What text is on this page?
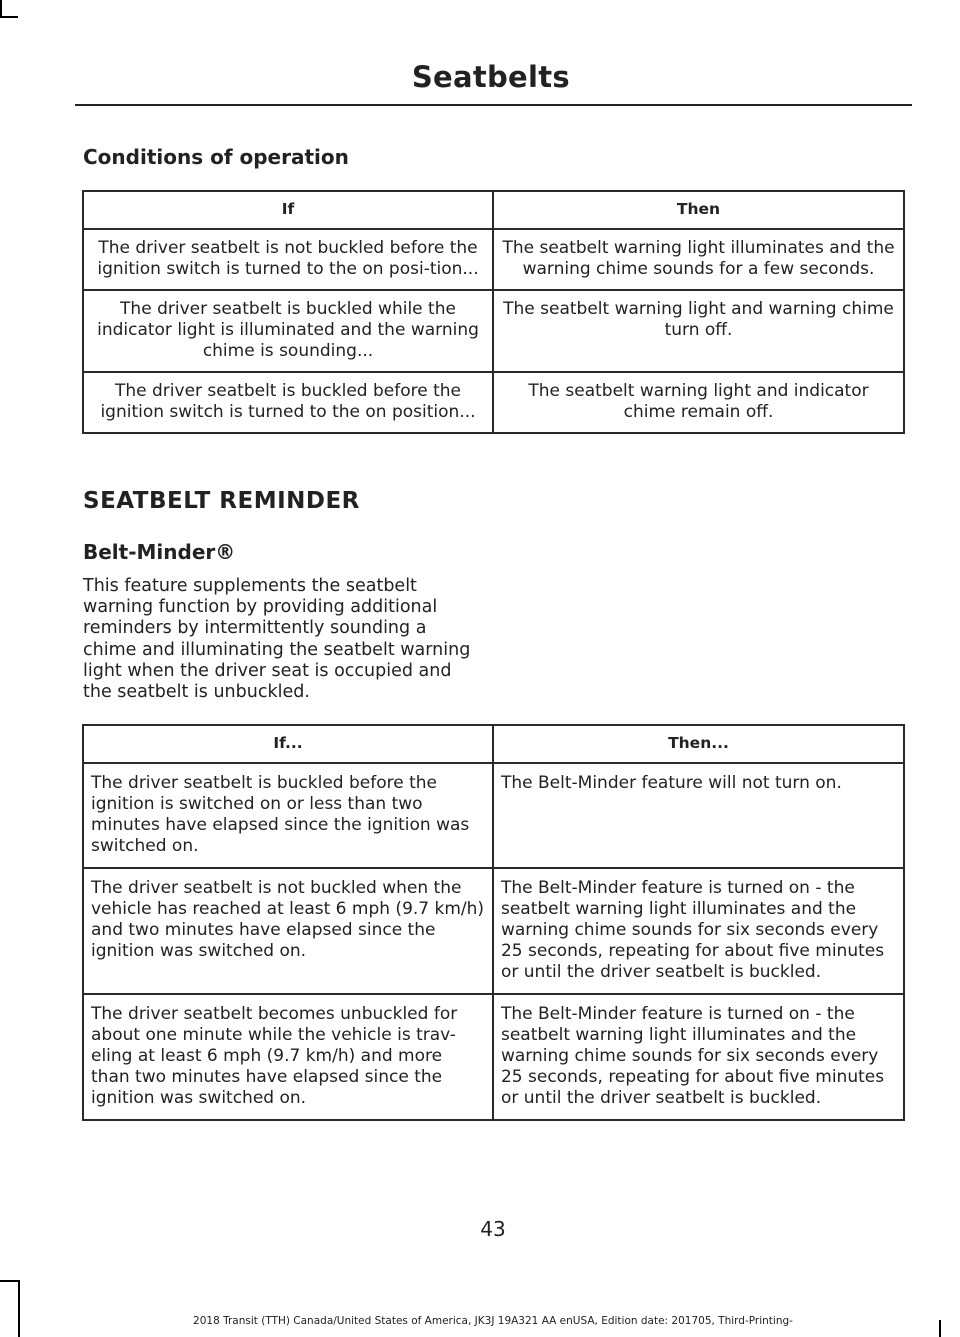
Seatbelts
Conditions of operation
If	Then
The driver seatbelt is not buckled before the ignition switch is turned to the on posi-tion...	The seatbelt warning light illuminates and the warning chime sounds for a few seconds.
The driver seatbelt is buckled while the indicator light is illuminated and the warning chime is sounding...	The seatbelt warning light and warning chime turn off.
The driver seatbelt is buckled before the ignition switch is turned to the on position...	The seatbelt warning light and indicator chime remain off.
SEATBELT REMINDER
Belt-Minder®
This feature supplements the seatbelt warning function by providing additional reminders by intermittently sounding a chime and illuminating the seatbelt warning light when the driver seat is occupied and the seatbelt is unbuckled.
If...	Then...
The driver seatbelt is buckled before the ignition is switched on or less than two minutes have elapsed since the ignition was switched on.	The Belt-Minder feature will not turn on.
The driver seatbelt is not buckled when the vehicle has reached at least 6 mph (9.7 km/h) and two minutes have elapsed since the ignition was switched on.	The Belt-Minder feature is turned on - the seatbelt warning light illuminates and the warning chime sounds for six seconds every 25 seconds, repeating for about five minutes or until the driver seatbelt is buckled.
The driver seatbelt becomes unbuckled for about one minute while the vehicle is trav-eling at least 6 mph (9.7 km/h) and more than two minutes have elapsed since the ignition was switched on.	The Belt-Minder feature is turned on - the seatbelt warning light illuminates and the warning chime sounds for six seconds every 25 seconds, repeating for about five minutes or until the driver seatbelt is buckled.
43
2018 Transit (TTH) Canada/United States of America, JK3J 19A321 AA enUSA, Edition date: 201705, Third-Printing-
